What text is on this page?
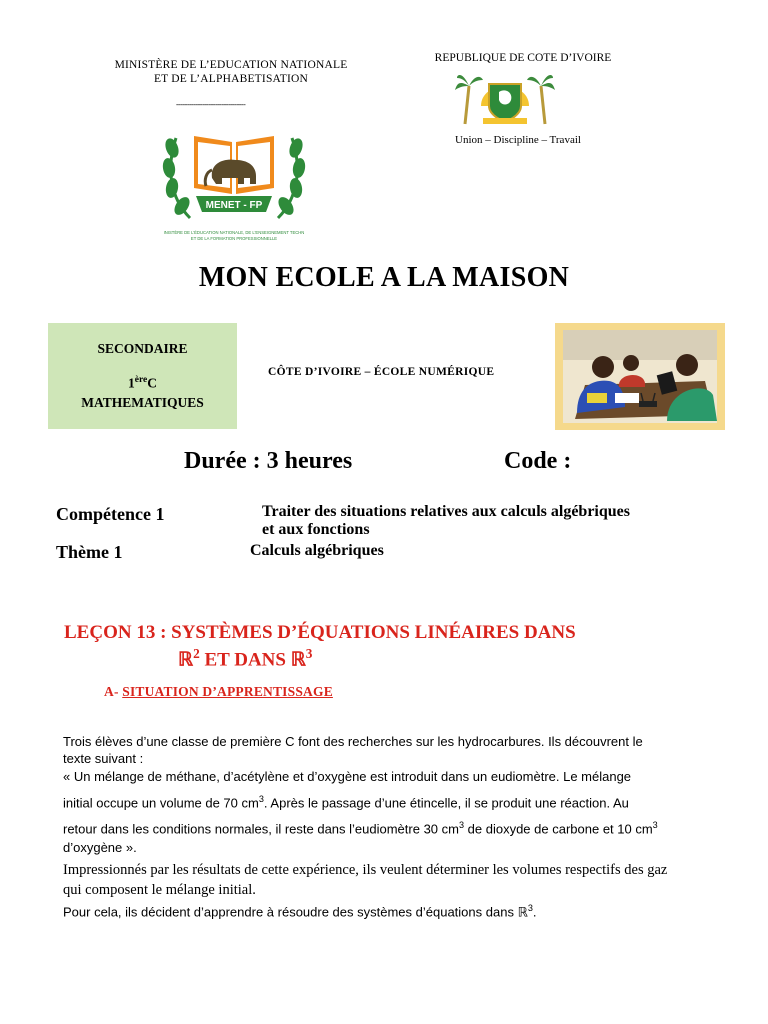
MINISTÈRE DE L’EDUCATION NATIONALE
ET DE L’ALPHABETISATION
--------------------------------
MENET - FP
INISTÈRE DE L’ÉDUCATION NATIONALE, DE L’ENSEIGNEMENT TECHN
ET DE LA FORMATION PROFESSIONNELLE
REPUBLIQUE DE COTE D’IVOIRE
Union – Discipline – Travail
MON ECOLE A LA MAISON
SECONDAIRE
1èreC
MATHEMATIQUES
CÔTE D’IVOIRE – ÉCOLE NUMÉRIQUE
Durée : 3 heures	Code :
Compétence 1	Traiter des situations relatives aux calculs algébriques
et aux fonctions
Thème 1	Calculs algébriques
LEÇON 13 : SYSTÈMES D’ÉQUATIONS LINÉAIRES DANS
ℝ$^2$ ET DANS ℝ$^3$
A- SITUATION D’APPRENTISSAGE
Trois élèves d’une classe de première C font des recherches sur les hydrocarbures. Ils découvrent le
texte suivant :
« Un mélange de méthane, d’acétylène et d’oxygène est introduit dans un eudiomètre. Le mélange
initial occupe un volume de 70 $cm^3$. Après le passage d’une étincelle, il se produit une réaction. Au
retour dans les conditions normales, il reste dans l’eudiomètre 30 $cm^3$ de dioxyde de carbone et 10 $cm^3$
d’oxygène ».
Impressionnés par les résultats de cette expérience, ils veulent déterminer les volumes respectifs des gaz
qui composent le mélange initial.
Pour cela, ils décident d’apprendre à résoudre des systèmes d’équations dans ℝ$^3$.
